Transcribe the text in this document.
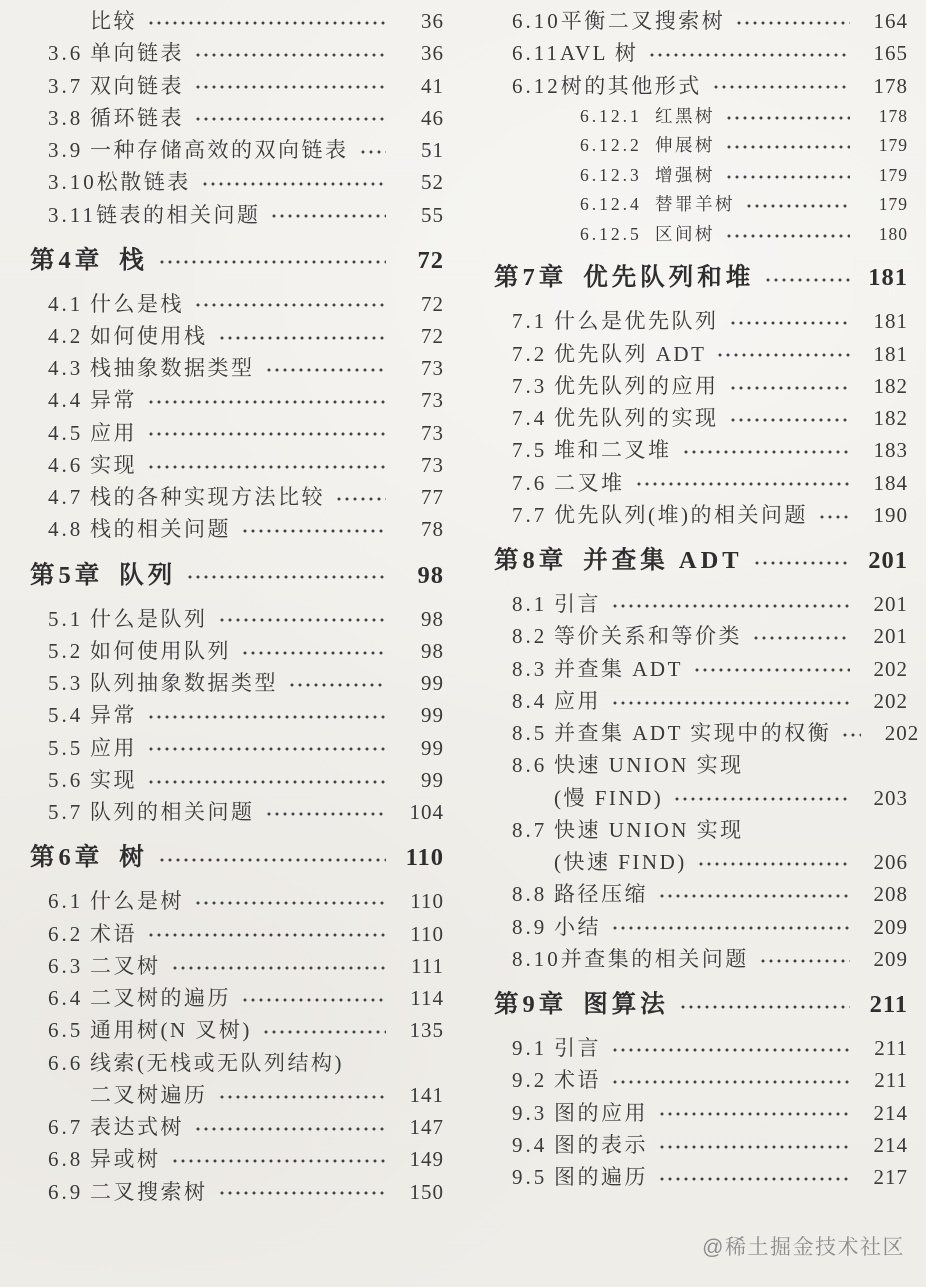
比较	36
3.6 单向链表	36
3.7 双向链表	41
3.8 循环链表	46
3.9 一种存储高效的双向链表	51
3.10 松散链表	52
3.11 链表的相关问题	55
第4章 栈	72
4.1 什么是栈	72
4.2 如何使用栈	72
4.3 栈抽象数据类型	73
4.4 异常	73
4.5 应用	73
4.6 实现	73
4.7 栈的各种实现方法比较	77
4.8 栈的相关问题	78
第5章 队列	98
5.1 什么是队列	98
5.2 如何使用队列	98
5.3 队列抽象数据类型	99
5.4 异常	99
5.5 应用	99
5.6 实现	99
5.7 队列的相关问题	104
第6章 树	110
6.1 什么是树	110
6.2 术语	110
6.3 二叉树	111
6.4 二叉树的遍历	114
6.5 通用树(N 叉树)	135
6.6 线索(无栈或无队列结构)
二叉树遍历	141
6.7 表达式树	147
6.8 异或树	149
6.9 二叉搜索树	150
6.10 平衡二叉搜索树	164
6.11 AVL 树	165
6.12 树的其他形式	178
6.12.1 红黑树	178
6.12.2 伸展树	179
6.12.3 增强树	179
6.12.4 替罪羊树	179
6.12.5 区间树	180
第7章 优先队列和堆	181
7.1 什么是优先队列	181
7.2 优先队列 ADT	181
7.3 优先队列的应用	182
7.4 优先队列的实现	182
7.5 堆和二叉堆	183
7.6 二叉堆	184
7.7 优先队列(堆)的相关问题	190
第8章 并查集 ADT	201
8.1 引言	201
8.2 等价关系和等价类	201
8.3 并查集 ADT	202
8.4 应用	202
8.5 并查集 ADT 实现中的权衡	202
8.6 快速 UNION 实现
(慢 FIND)	203
8.7 快速 UNION 实现
(快速 FIND)	206
8.8 路径压缩	208
8.9 小结	209
8.10 并查集的相关问题	209
第9章 图算法	211
9.1 引言	211
9.2 术语	211
9.3 图的应用	214
9.4 图的表示	214
9.5 图的遍历	217
@稀土掘金技术社区
